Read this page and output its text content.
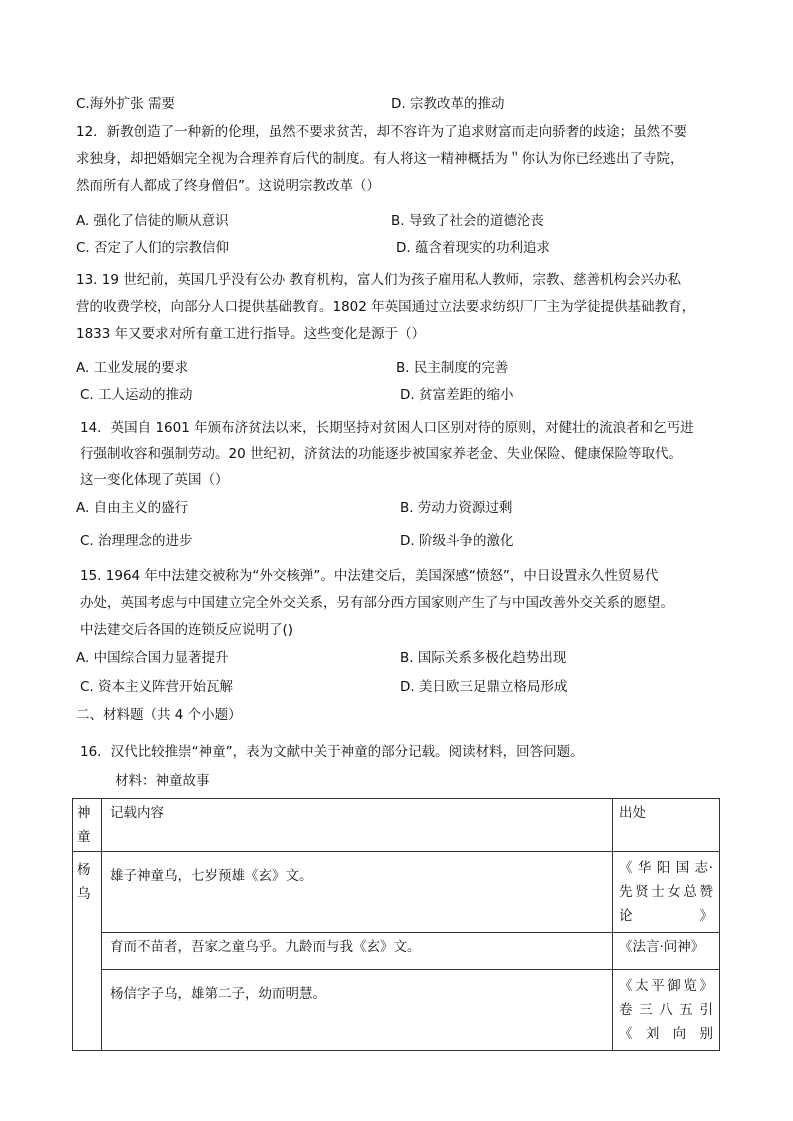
C.海外扩张 需要	D. 宗教改革的推动
12．新教创造了一种新的伦理，虽然不要求贫苦，却不容许为了追求财富而走向骄奢的歧途；虽然不要
求独身，却把婚姻完全视为合理养育后代的制度。有人将这一精神概括为＂你认为你已经逃出了寺院，
然而所有人都成了终身僧侣”。这说明宗教改革（）
A. 强化了信徒的顺从意识	B. 导致了社会的道德沦丧
C. 否定了人们的宗教信仰	D. 蕴含着现实的功利追求
13. 19 世纪前，英国几乎没有公办 教育机构，富人们为孩子雇用私人教师，宗教、慈善机构会兴办私
营的收费学校，向部分人口提供基础教育。1802 年英国通过立法要求纺织厂厂主为学徒提供基础教育，
1833 年又要求对所有童工进行指导。这些变化是源于（）
A. 工业发展的要求	B. 民主制度的完善
C. 工人运动的推动	D. 贫富差距的缩小
14．英国自 1601 年颁布济贫法以来，长期坚持对贫困人口区别对待的原则，对健壮的流浪者和乞丐进
行强制收容和强制劳动。20 世纪初，济贫法的功能逐步被国家养老金、失业保险、健康保险等取代。
这一变化体现了英国（）
A. 自由主义的盛行	B. 劳动力资源过剩
C. 治理理念的进步	D. 阶级斗争的激化
15. 1964 年中法建交被称为“外交核弹”。中法建交后，美国深感“愤怒”，中日设置永久性贸易代
办处，英国考虑与中国建立完全外交关系，另有部分西方国家则产生了与中国改善外交关系的愿望。
中法建交后各国的连锁反应说明了()
A. 中国综合国力显著提升	B. 国际关系多极化趋势出现
C. 资本主义阵营开始瓦解	D. 美日欧三足鼎立格局形成
二、材料题（共 4 个小题）
16．汉代比较推崇“神童”，表为文献中关于神童的部分记载。阅读材料，回答问题。
材料：神童故事
神童	记载内容	出处
杨乌	雄子神童乌，七岁预雄《玄》文。	《 华 阳 国 志·先贤士女总赞论》
	育而不苗者，吾家之童乌乎。九龄而与我《玄》文。	《法言·问神》
	杨信字子乌，雄第二子，幼而明慧。	《太平御览》卷三八五引《刘向别
